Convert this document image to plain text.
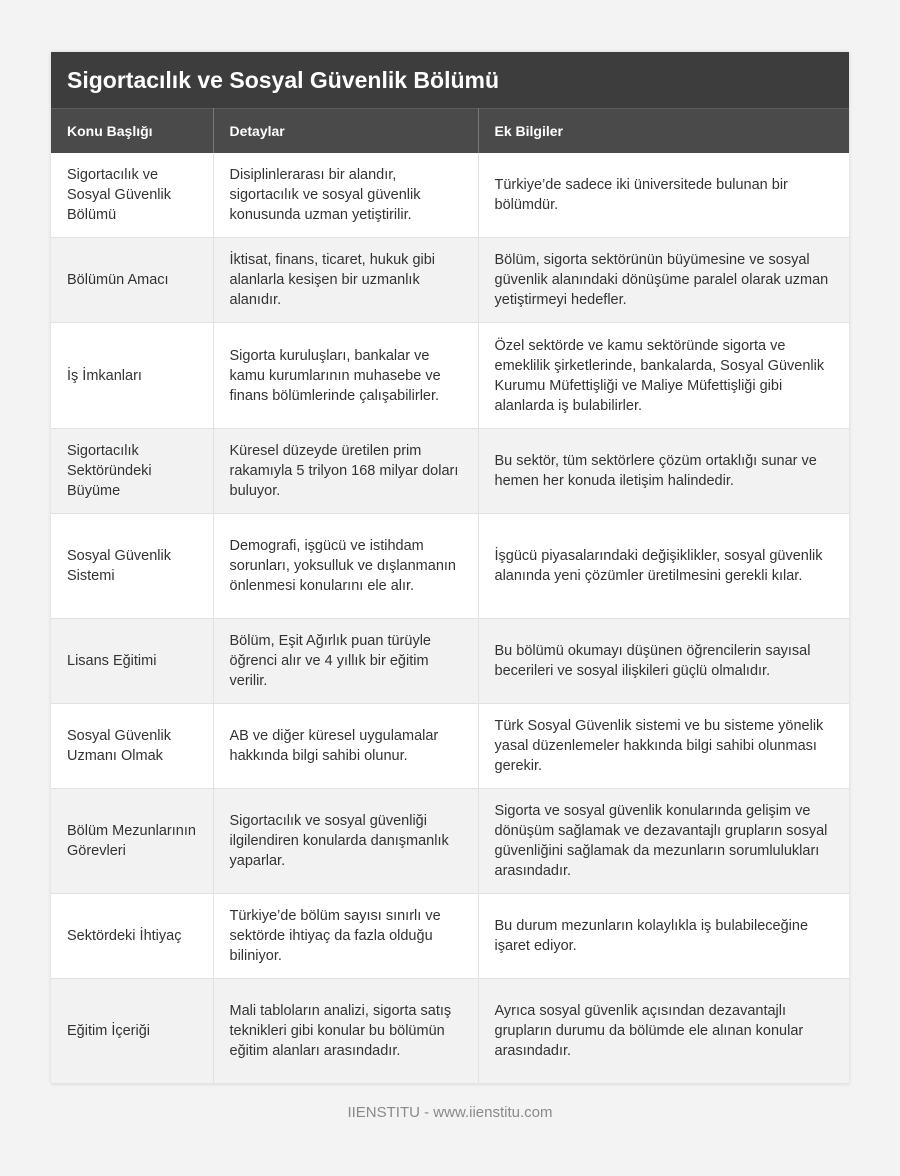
Sigortacılık ve Sosyal Güvenlik Bölümü
Konu Başlığı	Detaylar	Ek Bilgiler
Sigortacılık ve Sosyal Güvenlik Bölümü	Disiplinlerarası bir alandır, sigortacılık ve sosyal güvenlik konusunda uzman yetiştirilir.	Türkiye’de sadece iki üniversitede bulunan bir bölümdür.
Bölümün Amacı	İktisat, finans, ticaret, hukuk gibi alanlarla kesişen bir uzmanlık alanıdır.	Bölüm, sigorta sektörünün büyümesine ve sosyal güvenlik alanındaki dönüşüme paralel olarak uzman yetiştirmeyi hedefler.
İş İmkanları	Sigorta kuruluşları, bankalar ve kamu kurumlarının muhasebe ve finans bölümlerinde çalışabilirler.	Özel sektörde ve kamu sektöründe sigorta ve emeklilik şirketlerinde, bankalarda, Sosyal Güvenlik Kurumu Müfettişliği ve Maliye Müfettişliği gibi alanlarda iş bulabilirler.
Sigortacılık Sektöründeki Büyüme	Küresel düzeyde üretilen prim rakamıyla 5 trilyon 168 milyar doları buluyor.	Bu sektör, tüm sektörlere çözüm ortaklığı sunar ve hemen her konuda iletişim halindedir.
Sosyal Güvenlik Sistemi	Demografi, işgücü ve istihdam sorunları, yoksulluk ve dışlanmanın önlenmesi konularını ele alır.	İşgücü piyasalarındaki değişiklikler, sosyal güvenlik alanında yeni çözümler üretilmesini gerekli kılar.
Lisans Eğitimi	Bölüm, Eşit Ağırlık puan türüyle öğrenci alır ve 4 yıllık bir eğitim verilir.	Bu bölümü okumayı düşünen öğrencilerin sayısal becerileri ve sosyal ilişkileri güçlü olmalıdır.
Sosyal Güvenlik Uzmanı Olmak	AB ve diğer küresel uygulamalar hakkında bilgi sahibi olunur.	Türk Sosyal Güvenlik sistemi ve bu sisteme yönelik yasal düzenlemeler hakkında bilgi sahibi olunması gerekir.
Bölüm Mezunlarının Görevleri	Sigortacılık ve sosyal güvenliği ilgilendiren konularda danışmanlık yaparlar.	Sigorta ve sosyal güvenlik konularında gelişim ve dönüşüm sağlamak ve dezavantajlı grupların sosyal güvenliğini sağlamak da mezunların sorumlulukları arasındadır.
Sektördeki İhtiyaç	Türkiye’de bölüm sayısı sınırlı ve sektörde ihtiyaç da fazla olduğu biliniyor.	Bu durum mezunların kolaylıkla iş bulabileceğine işaret ediyor.
Eğitim İçeriği	Mali tabloların analizi, sigorta satış teknikleri gibi konular bu bölümün eğitim alanları arasındadır.	Ayrıca sosyal güvenlik açısından dezavantajlı grupların durumu da bölümde ele alınan konular arasındadır.
IIENSTITU - www.iienstitu.com
